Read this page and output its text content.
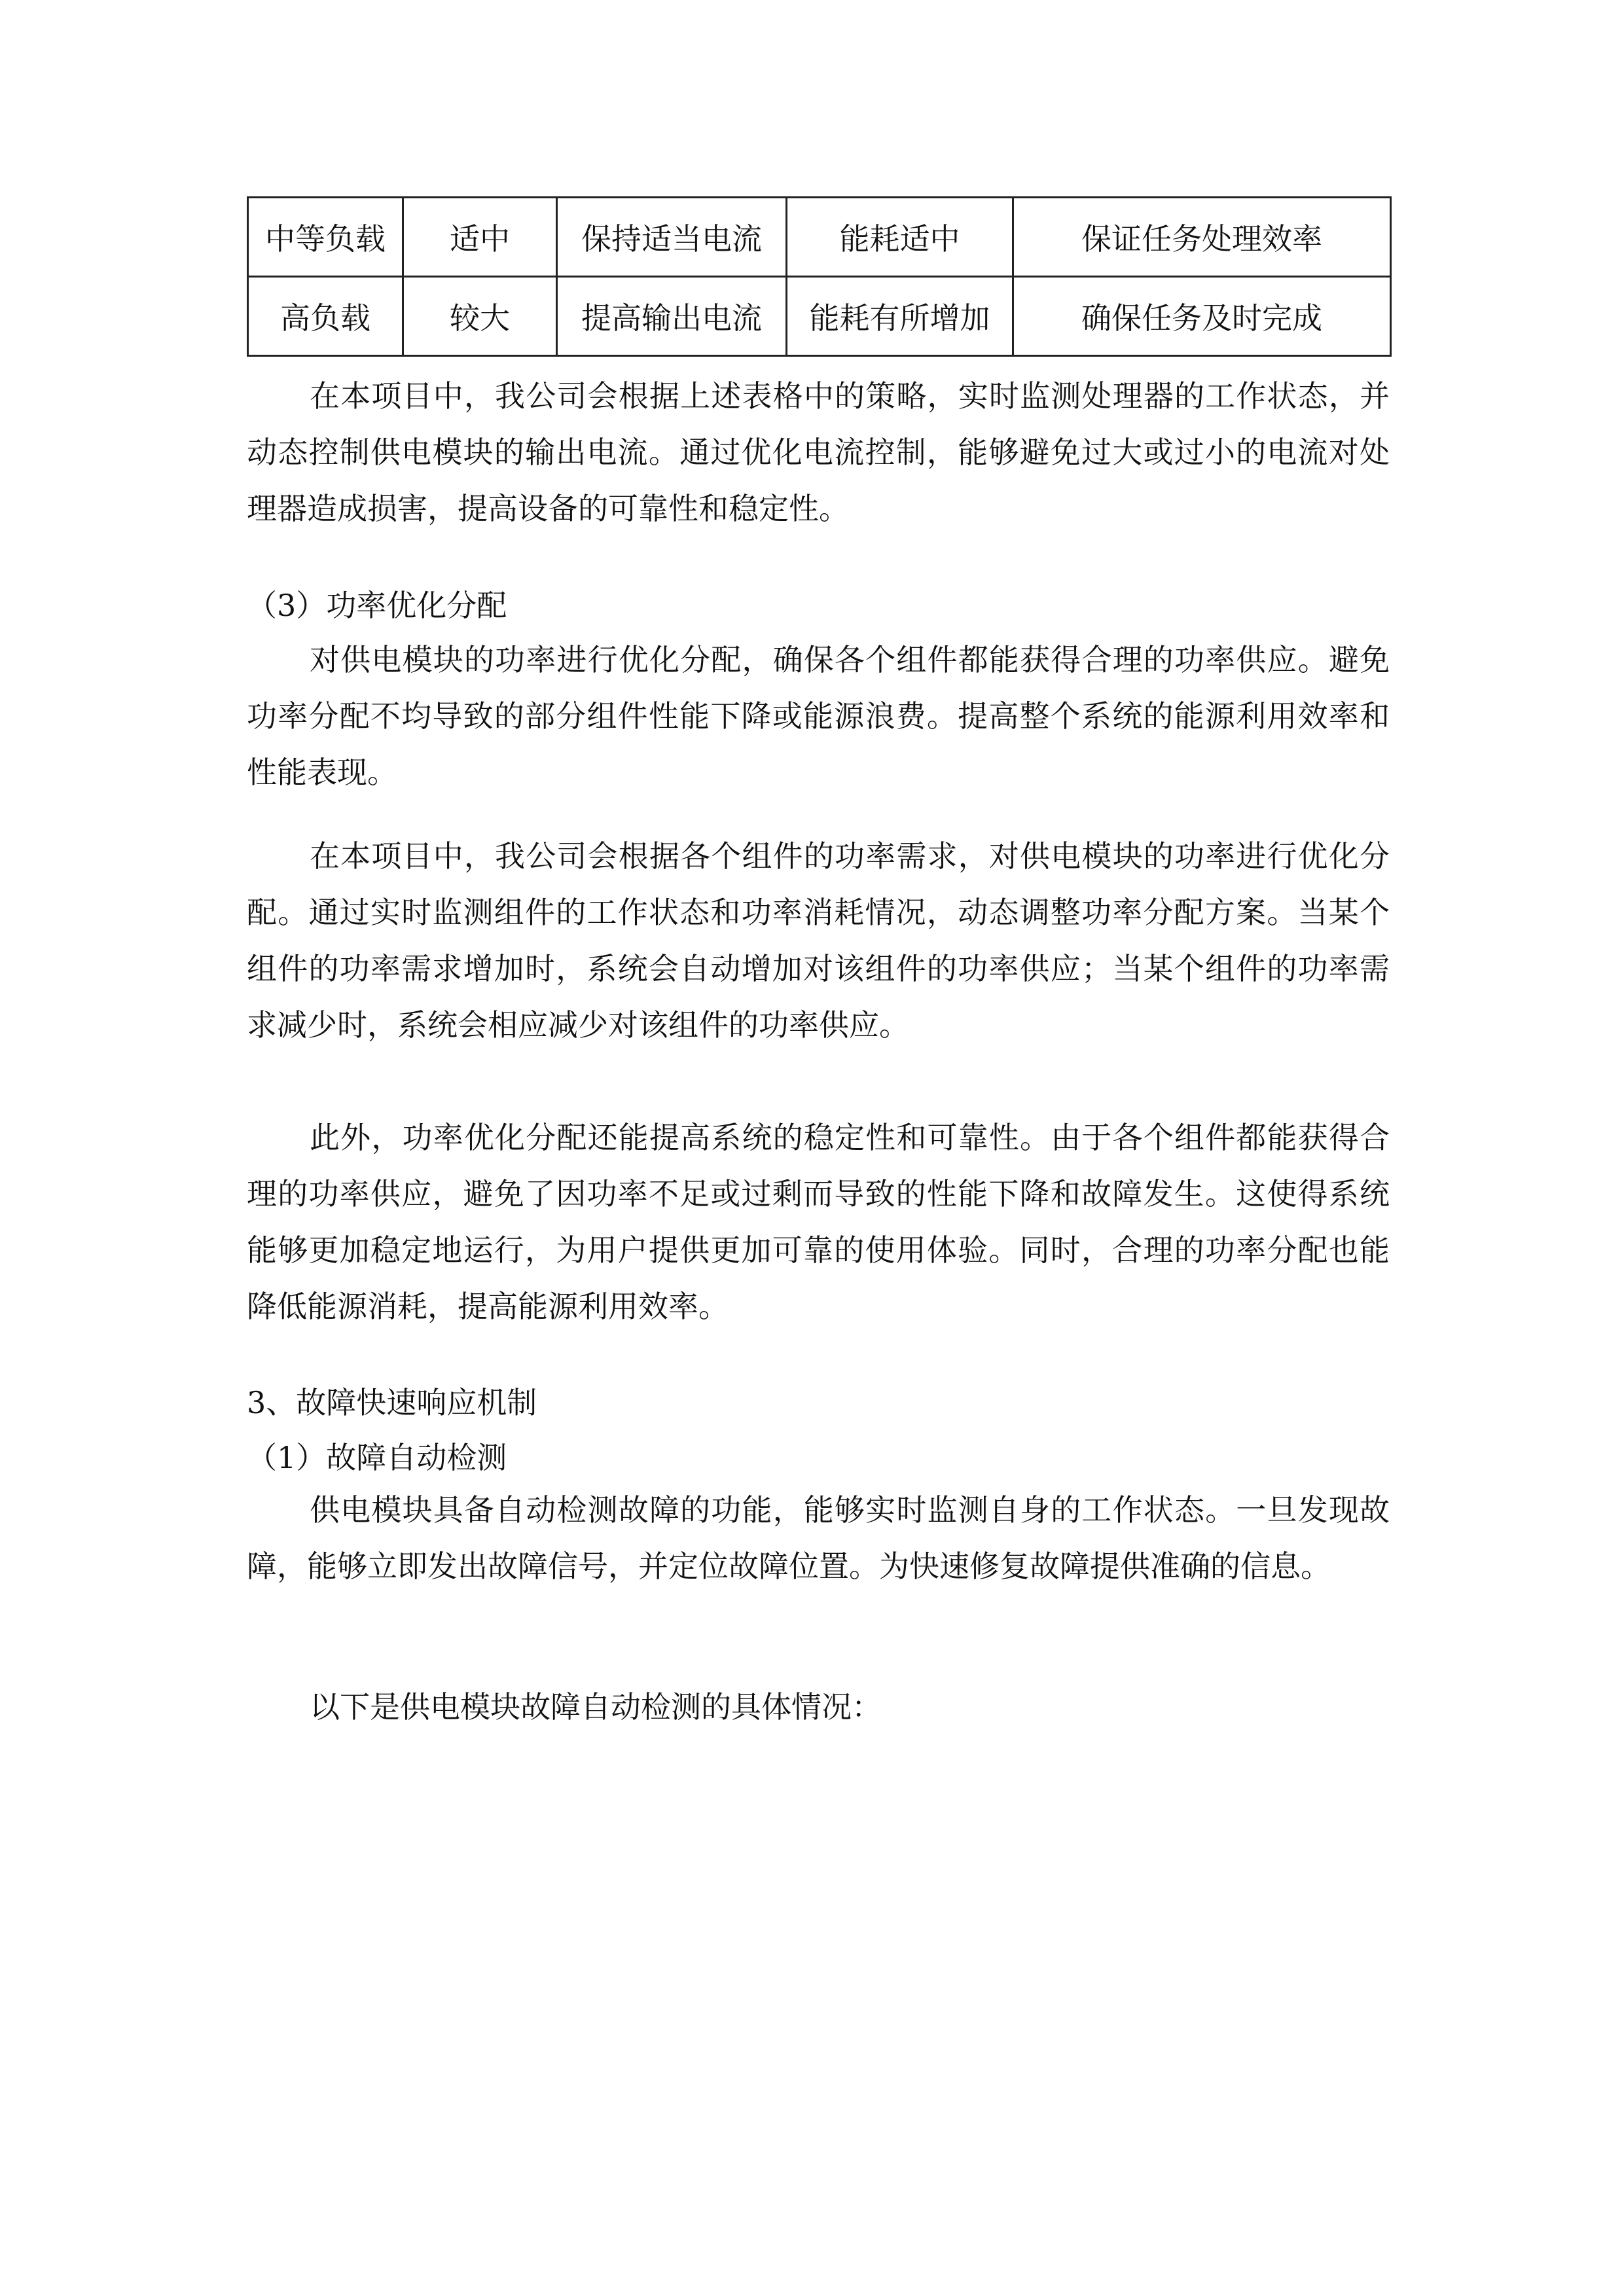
中等负载	适中	保持适当电流	能耗适中	保证任务处理效率
高负载	较大	提高输出电流	能耗有所增加	确保任务及时完成

在本项目中，我公司会根据上述表格中的策略，实时监测处理器的工作状态，并动态控制供电模块的输出电流。通过优化电流控制，能够避免过大或过小的电流对处理器造成损害，提高设备的可靠性和稳定性。

（3）功率优化分配

对供电模块的功率进行优化分配，确保各个组件都能获得合理的功率供应。避免功率分配不均导致的部分组件性能下降或能源浪费。提高整个系统的能源利用效率和性能表现。

在本项目中，我公司会根据各个组件的功率需求，对供电模块的功率进行优化分配。通过实时监测组件的工作状态和功率消耗情况，动态调整功率分配方案。当某个组件的功率需求增加时，系统会自动增加对该组件的功率供应；当某个组件的功率需求减少时，系统会相应减少对该组件的功率供应。

此外，功率优化分配还能提高系统的稳定性和可靠性。由于各个组件都能获得合理的功率供应，避免了因功率不足或过剩而导致的性能下降和故障发生。这使得系统能够更加稳定地运行，为用户提供更加可靠的使用体验。同时，合理的功率分配也能降低能源消耗，提高能源利用效率。

3、故障快速响应机制

（1）故障自动检测

供电模块具备自动检测故障的功能，能够实时监测自身的工作状态。一旦发现故障，能够立即发出故障信号，并定位故障位置。为快速修复故障提供准确的信息。

以下是供电模块故障自动检测的具体情况：
